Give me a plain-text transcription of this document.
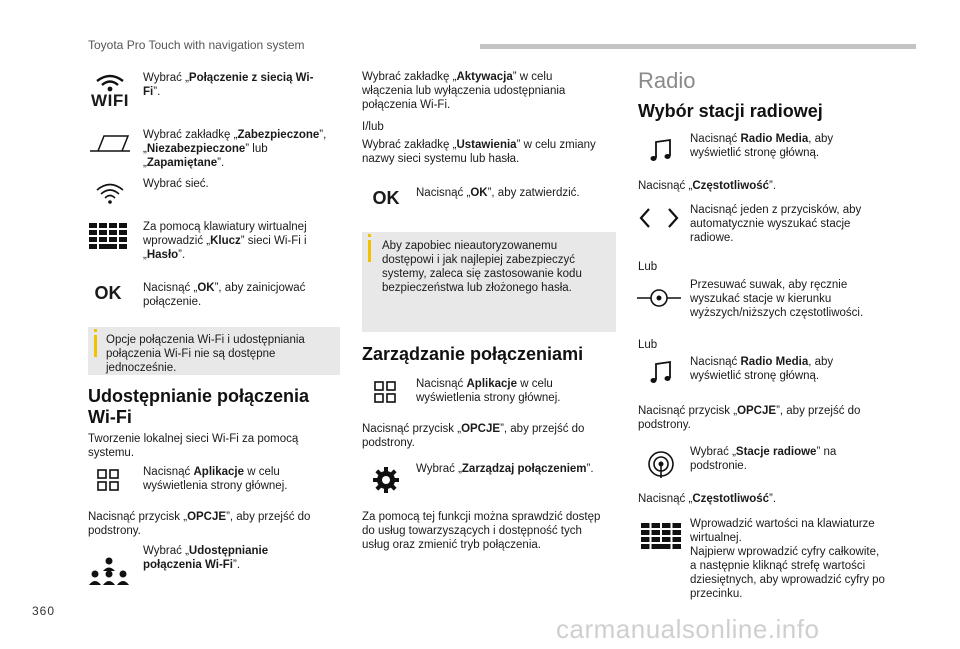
Toyota Pro Touch with navigation system
WIFI
Wybrać „Połączenie z siecią Wi-Fi”.
Wybrać zakładkę „Zabezpieczone”, „Niezabezpieczone” lub „Zapamiętane”.
Wybrać sieć.
Za pomocą klawiatury wirtualnej wprowadzić „Klucz” sieci Wi-Fi i „Hasło”.
OK	Nacisnąć „OK”, aby zainicjować połączenie.
Opcje połączenia Wi-Fi i udostępniania połączenia Wi-Fi nie są dostępne jednocześnie.
Udostępnianie połączenia Wi-Fi
Tworzenie lokalnej sieci Wi-Fi za pomocą systemu.
Nacisnąć Aplikacje w celu wyświetlenia strony głównej.
Nacisnąć przycisk „OPCJE”, aby przejść do podstrony.
Wybrać „Udostępnianie połączenia Wi-Fi”.
Wybrać zakładkę „Aktywacja” w celu włączenia lub wyłączenia udostępniania połączenia Wi-Fi.
I/lub
Wybrać zakładkę „Ustawienia” w celu zmiany nazwy sieci systemu lub hasła.
OK	Nacisnąć „OK”, aby zatwierdzić.
Aby zapobiec nieautoryzowanemu dostępowi i jak najlepiej zabezpieczyć systemy, zaleca się zastosowanie kodu bezpieczeństwa lub złożonego hasła.
Zarządzanie połączeniami
Nacisnąć Aplikacje w celu wyświetlenia strony głównej.
Nacisnąć przycisk „OPCJE”, aby przejść do podstrony.
Wybrać „Zarządzaj połączeniem”.
Za pomocą tej funkcji można sprawdzić dostęp do usług towarzyszących i dostępność tych usług oraz zmienić tryb połączenia.
Radio
Wybór stacji radiowej
Nacisnąć Radio Media, aby wyświetlić stronę główną.
Nacisnąć „Częstotliwość”.
Nacisnąć jeden z przycisków, aby automatycznie wyszukać stacje radiowe.
Lub
Przesuwać suwak, aby ręcznie wyszukać stacje w kierunku wyższych/niższych częstotliwości.
Lub
Nacisnąć Radio Media, aby wyświetlić stronę główną.
Nacisnąć przycisk „OPCJE”, aby przejść do podstrony.
Wybrać „Stacje radiowe” na podstronie.
Nacisnąć „Częstotliwość”.
Wprowadzić wartości na klawiaturze wirtualnej.
Najpierw wprowadzić cyfry całkowite, a następnie kliknąć strefę wartości dziesiętnych, aby wprowadzić cyfry po przecinku.
360
carmanualsonline.info
